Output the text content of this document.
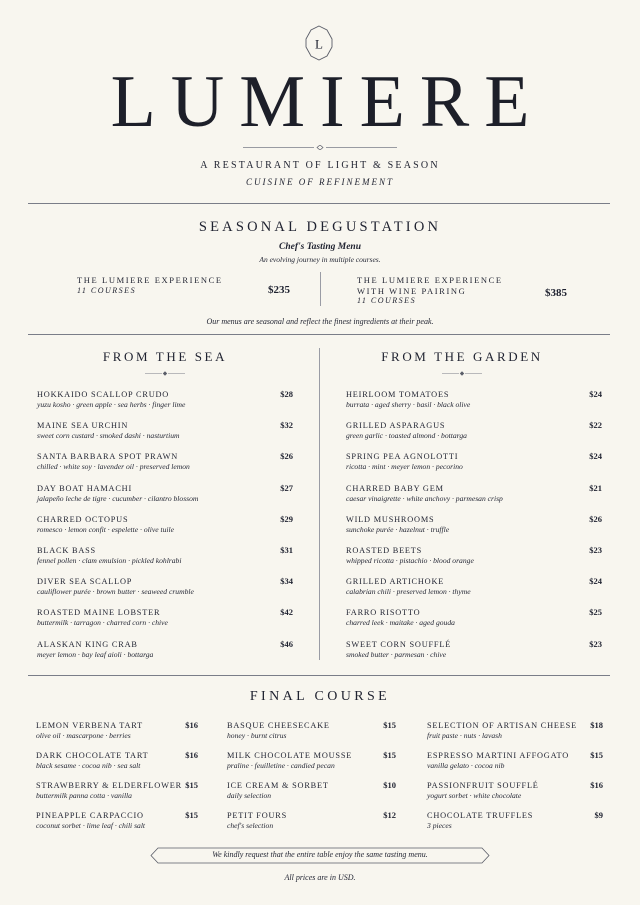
L
LUMIERE
A RESTAURANT OF LIGHT & SEASON
CUISINE OF REFINEMENT
SEASONAL DEGUSTATION
Chef's Tasting Menu
An evolving journey in multiple courses.
THE LUMIERE EXPERIENCE
11 COURSES	$235
THE LUMIERE EXPERIENCE
WITH WINE PAIRING
11 COURSES
$385
Our menus are seasonal and reflect the finest ingredients at their peak.
FROM THE SEA	FROM THE GARDEN
HOKKAIDO SCALLOP CRUDO
yuzu kosho · green apple · sea herbs · finger lime
$28
MAINE SEA URCHIN
sweet corn custard · smoked dashi · nasturtium
$32
SANTA BARBARA SPOT PRAWN
chilled · white soy · lavender oil · preserved lemon
$26
DAY BOAT HAMACHI
jalapeño leche de tigre · cucumber · cilantro blossom
$27
CHARRED OCTOPUS
romesco · lemon confit · espelette · olive tuile
$29
BLACK BASS
fennel pollen · clam emulsion · pickled kohlrabi
$31
DIVER SEA SCALLOP
cauliflower purée · brown butter · seaweed crumble
$34
ROASTED MAINE LOBSTER
buttermilk · tarragon · charred corn · chive
$42
ALASKAN KING CRAB
meyer lemon · bay leaf aioli · bottarga
$46
HEIRLOOM TOMATOES
burrata · aged sherry · basil · black olive
$24
GRILLED ASPARAGUS
green garlic · toasted almond · bottarga
$22
SPRING PEA AGNOLOTTI
ricotta · mint · meyer lemon · pecorino
$24
CHARRED BABY GEM
caesar vinaigrette · white anchovy · parmesan crisp
$21
WILD MUSHROOMS
sunchoke purée · hazelnut · truffle
$26
ROASTED BEETS
whipped ricotta · pistachio · blood orange
$23
GRILLED ARTICHOKE
calabrian chili · preserved lemon · thyme
$24
FARRO RISOTTO
charred leek · maitake · aged gouda
$25
SWEET CORN SOUFFLÉ
smoked butter · parmesan · chive
$23
FINAL COURSE
LEMON VERBENA TART
olive oil · mascarpone · berries
$16
DARK CHOCOLATE TART
black sesame · cocoa nib · sea salt
$16
STRAWBERRY & ELDERFLOWER
buttermilk panna cotta · vanilla
$15
PINEAPPLE CARPACCIO
coconut sorbet · lime leaf · chili salt
$15
BASQUE CHEESECAKE
honey · burnt citrus
$15
MILK CHOCOLATE MOUSSE
praline · feuilletine · candied pecan
$15
ICE CREAM & SORBET
daily selection
$10
PETIT FOURS
chef's selection
$12
SELECTION OF ARTISAN CHEESE
fruit paste · nuts · lavash
$18
ESPRESSO MARTINI AFFOGATO
vanilla gelato · cocoa nib
$15
PASSIONFRUIT SOUFFLÉ
yogurt sorbet · white chocolate
$16
CHOCOLATE TRUFFLES
3 pieces
$9
We kindly request that the entire table enjoy the same tasting menu.
All prices are in USD.
